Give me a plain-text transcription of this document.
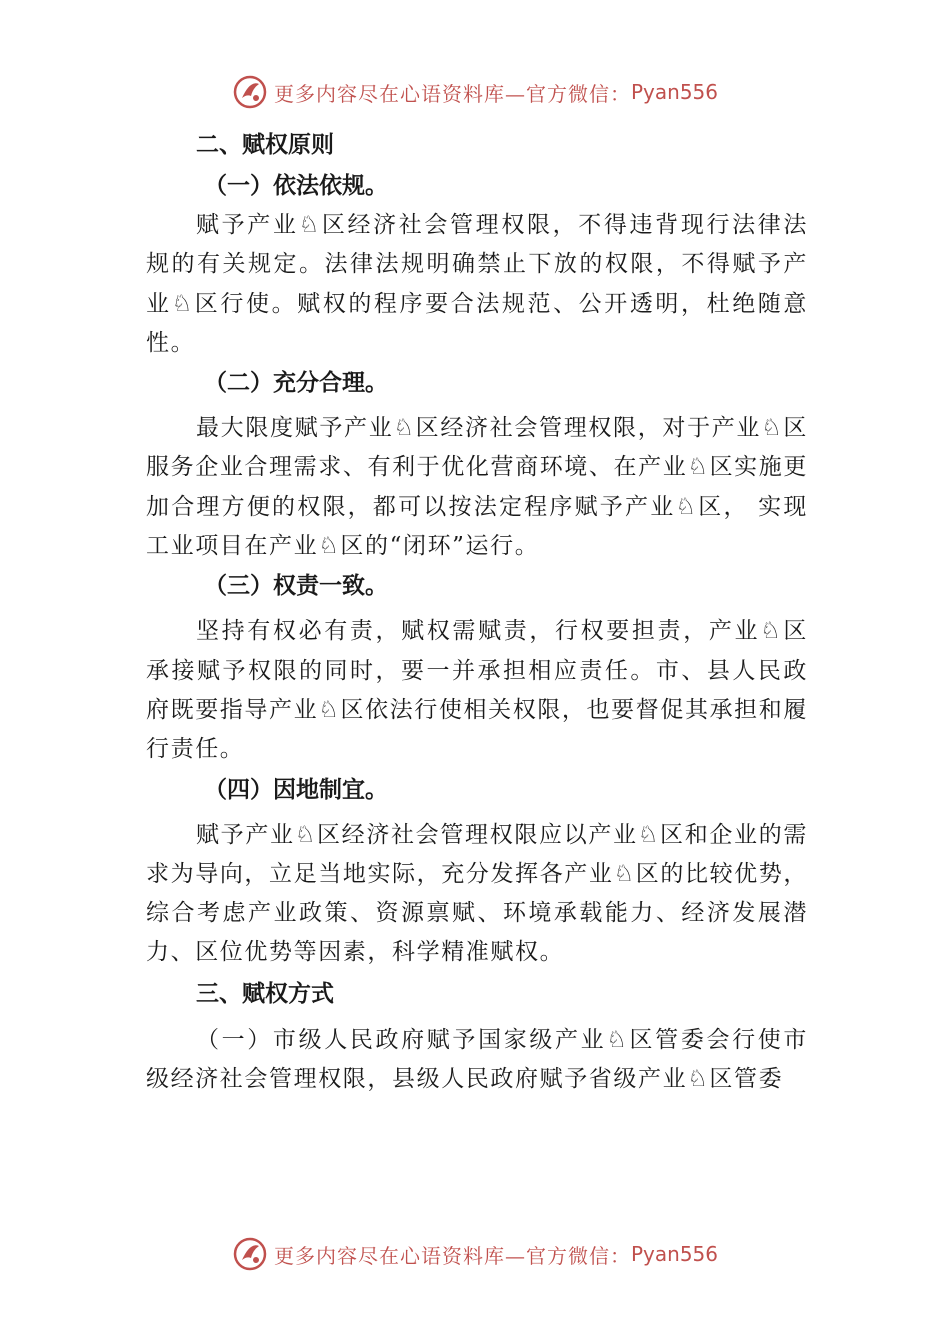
更多内容尽在心语资料库—官方微信： Pyan556
二、赋权原则
（一）依法依规。

赋予产业♘区经济社会管理权限，不得违背现行法律法规的有关规定。法律法规明确禁止下放的权限，不得赋予产业♘区行使。赋权的程序要合法规范、公开透明，杜绝随意性。

（二）充分合理。

最大限度赋予产业♘区经济社会管理权限，对于产业♘区服务企业合理需求、有利于优化营商环境、在产业♘区实施更加合理方便的权限，都可以按法定程序赋予产业♘区， 实现工业项目在产业♘区的“闭环”运行。

（三）权责一致。

坚持有权必有责，赋权需赋责，行权要担责，产业♘区承接赋予权限的同时，要一并承担相应责任。市、县人民政府既要指导产业♘区依法行使相关权限，也要督促其承担和履行责任。

（四）因地制宜。

赋予产业♘区经济社会管理权限应以产业♘区和企业的需求为导向，立足当地实际，充分发挥各产业♘区的比较优势，综合考虑产业政策、资源禀赋、环境承载能力、经济发展潜力、区位优势等因素，科学精准赋权。

三、赋权方式

（一）市级人民政府赋予国家级产业♘区管委会行使市级经济社会管理权限，县级人民政府赋予省级产业♘区管委

更多内容尽在心语资料库—官方微信： Pyan556
